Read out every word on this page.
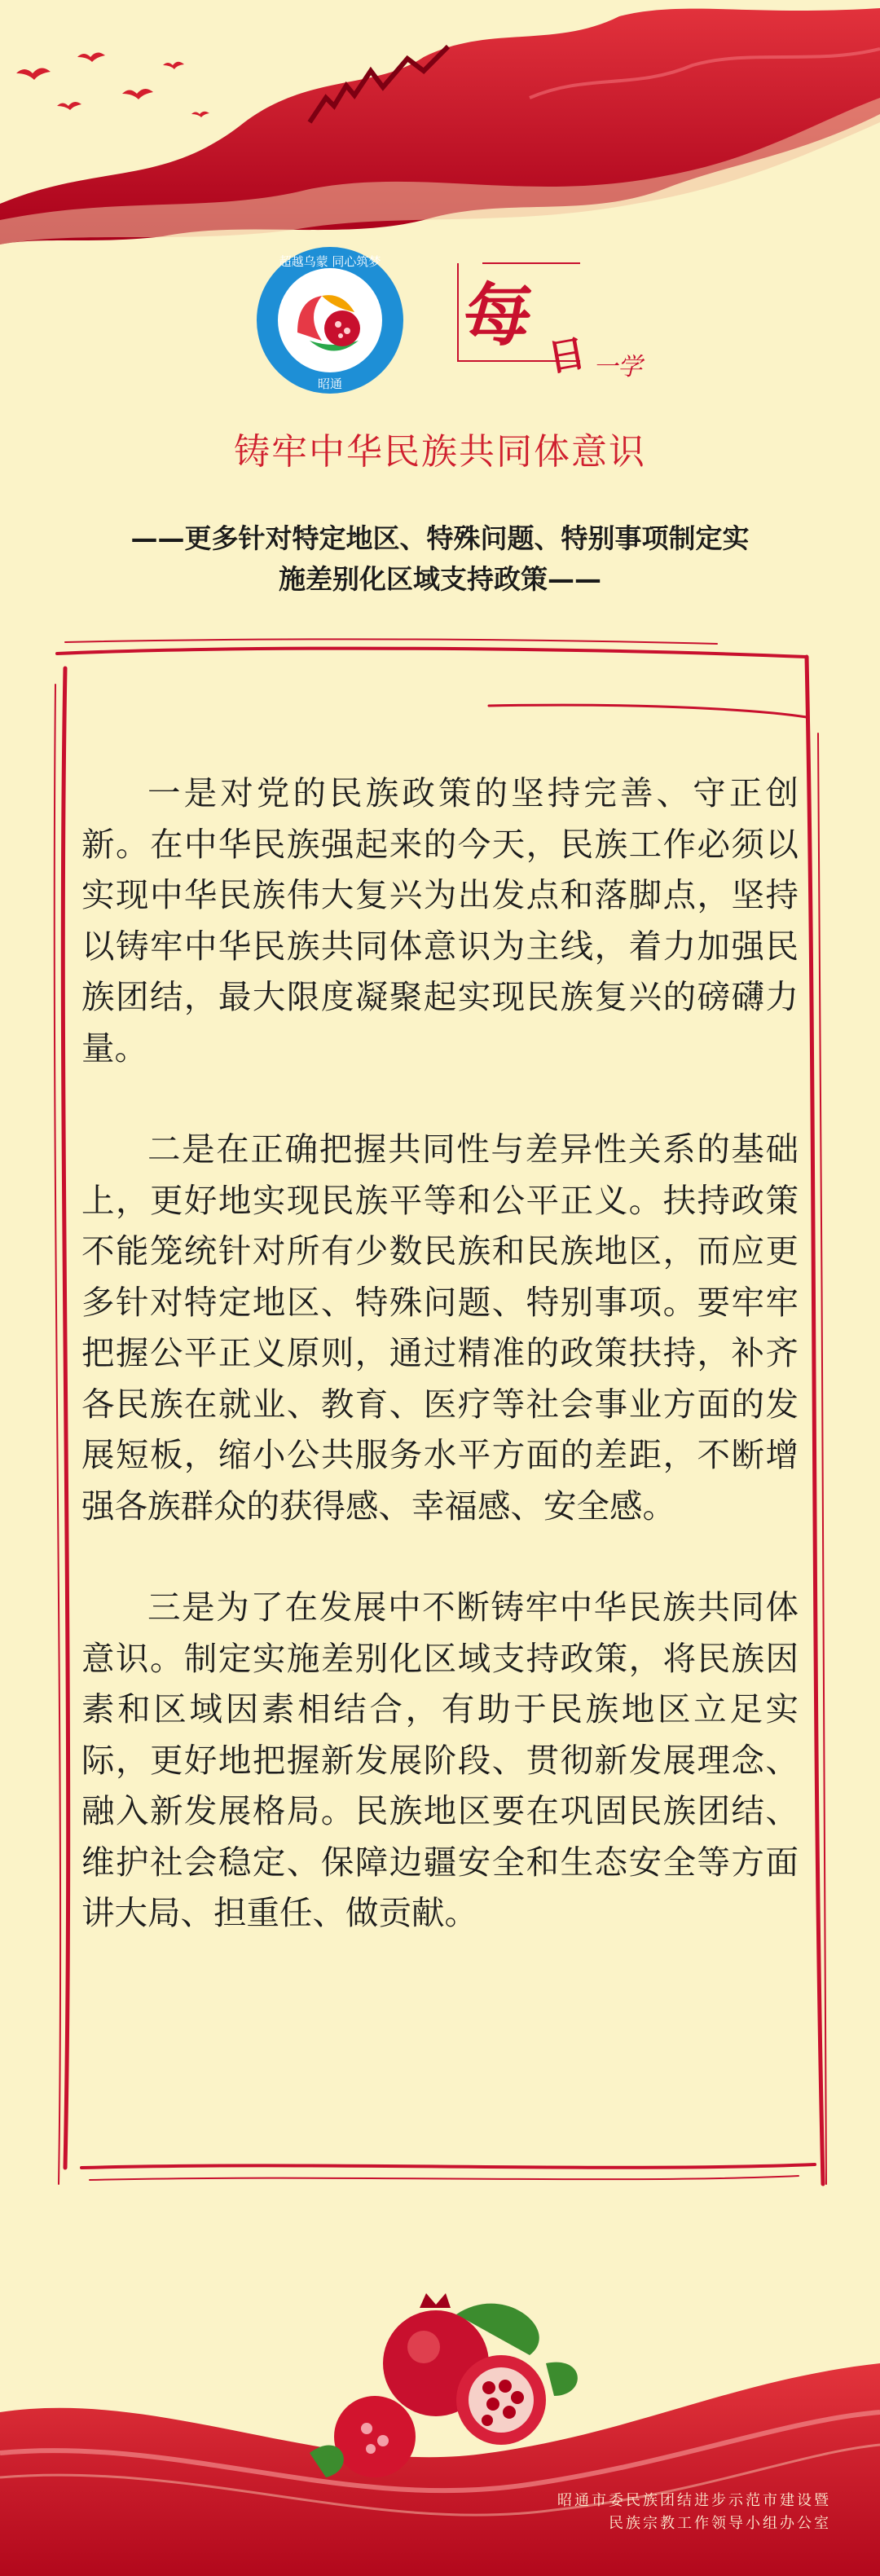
超越乌蒙 同心筑梦
昭通
每 日 一学
铸牢中华民族共同体意识

——更多针对特定地区、特殊问题、特别事项制定实施差别化区域支持政策——

一是对党的民族政策的坚持完善、守正创新。在中华民族强起来的今天，民族工作必须以实现中华民族伟大复兴为出发点和落脚点，坚持以铸牢中华民族共同体意识为主线，着力加强民族团结，最大限度凝聚起实现民族复兴的磅礴力量。

二是在正确把握共同性与差异性关系的基础上，更好地实现民族平等和公平正义。扶持政策不能笼统针对所有少数民族和民族地区，而应更多针对特定地区、特殊问题、特别事项。要牢牢把握公平正义原则，通过精准的政策扶持，补齐各民族在就业、教育、医疗等社会事业方面的发展短板，缩小公共服务水平方面的差距，不断增强各族群众的获得感、幸福感、安全感。

三是为了在发展中不断铸牢中华民族共同体意识。制定实施差别化区域支持政策，将民族因素和区域因素相结合，有助于民族地区立足实际，更好地把握新发展阶段、贯彻新发展理念、融入新发展格局。民族地区要在巩固民族团结、维护社会稳定、保障边疆安全和生态安全等方面讲大局、担重任、做贡献。

昭通市委民族团结进步示范市建设暨
民族宗教工作领导小组办公室
